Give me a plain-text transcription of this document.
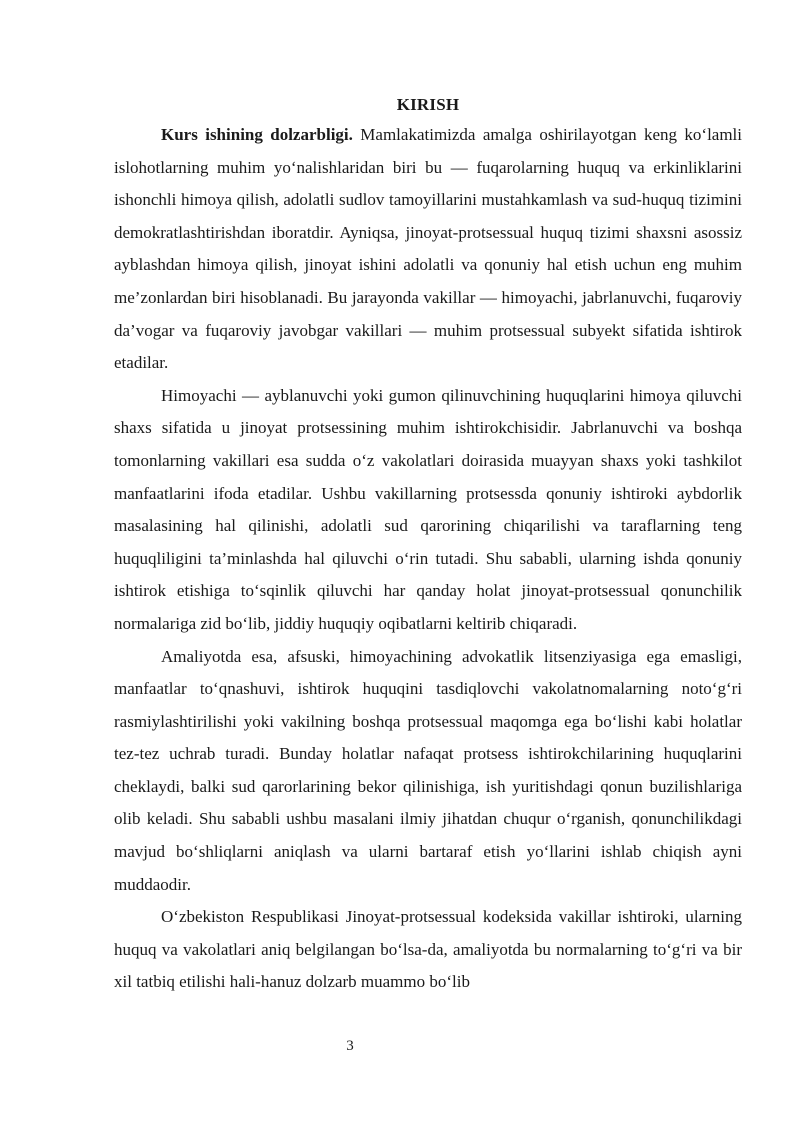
KIRISH

Kurs ishining dolzarbligi. Mamlakatimizda amalga oshirilayotgan keng ko‘lamli islohotlarning muhim yo‘nalishlaridan biri bu — fuqarolarning huquq va erkinliklarini ishonchli himoya qilish, adolatli sudlov tamoyillarini mustahkamlash va sud-huquq tizimini demokratlashtirishdan iboratdir. Ayniqsa, jinoyat-protsessual huquq tizimi shaxsni asossiz ayblashdan himoya qilish, jinoyat ishini adolatli va qonuniy hal etish uchun eng muhim me’zonlardan biri hisoblanadi. Bu jarayonda vakillar — himoyachi, jabrlanuvchi, fuqaroviy da’vogar va fuqaroviy javobgar vakillari — muhim protsessual subyekt sifatida ishtirok etadilar.

Himoyachi — ayblanuvchi yoki gumon qilinuvchining huquqlarini himoya qiluvchi shaxs sifatida u jinoyat protsessining muhim ishtirokchisidir. Jabrlanuvchi va boshqa tomonlarning vakillari esa sudda o‘z vakolatlari doirasida muayyan shaxs yoki tashkilot manfaatlarini ifoda etadilar. Ushbu vakillarning protsessda qonuniy ishtiroki aybdorlik masalasining hal qilinishi, adolatli sud qarorining chiqarilishi va taraflarning teng huquqliligini ta’minlashda hal qiluvchi o‘rin tutadi. Shu sababli, ularning ishda qonuniy ishtirok etishiga to‘sqinlik qiluvchi har qanday holat jinoyat-protsessual qonunchilik normalariga zid bo‘lib, jiddiy huquqiy oqibatlarni keltirib chiqaradi.

Amaliyotda esa, afsuski, himoyachining advokatlik litsenziyasiga ega emasligi, manfaatlar to‘qnashuvi, ishtirok huquqini tasdiqlovchi vakolatnomalarning noto‘g‘ri rasmiylashtirilishi yoki vakilning boshqa protsessual maqomga ega bo‘lishi kabi holatlar tez-tez uchrab turadi. Bunday holatlar nafaqat protsess ishtirokchilarining huquqlarini cheklaydi, balki sud qarorlarining bekor qilinishiga, ish yuritishdagi qonun buzilishlariga olib keladi. Shu sababli ushbu masalani ilmiy jihatdan chuqur o‘rganish, qonunchilikdagi mavjud bo‘shliqlarni aniqlash va ularni bartaraf etish yo‘llarini ishlab chiqish ayni muddaodir.

O‘zbekiston Respublikasi Jinoyat-protsessual kodeksida vakillar ishtiroki, ularning huquq va vakolatlari aniq belgilangan bo‘lsa-da, amaliyotda bu normalarning to‘g‘ri va bir xil tatbiq etilishi hali-hanuz dolzarb muammo bo‘lib

3
